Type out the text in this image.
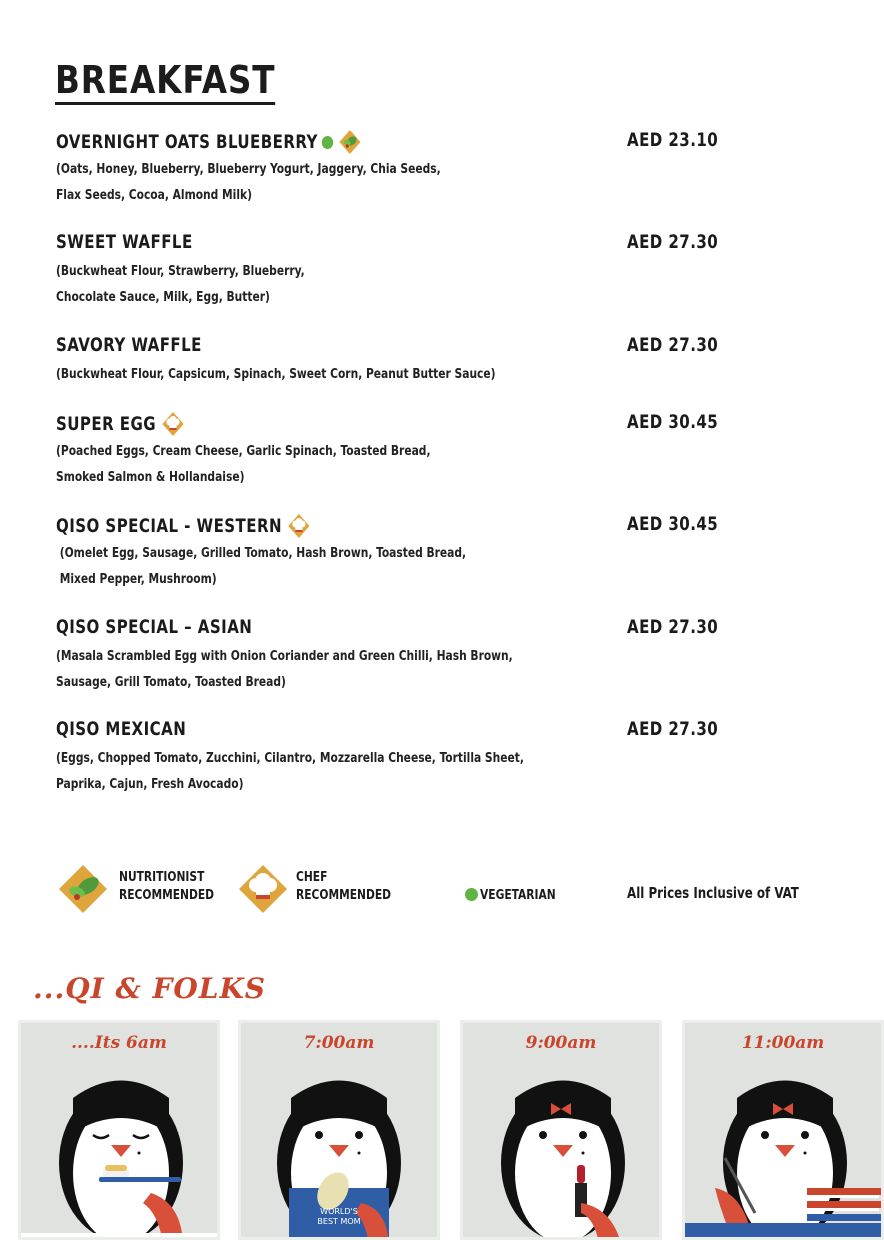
BREAKFAST
OVERNIGHT OATS BLUEBERRY	AED 23.10
(Oats, Honey, Blueberry, Blueberry Yogurt, Jaggery, Chia Seeds,
Flax Seeds, Cocoa, Almond Milk)
SWEET WAFFLE	AED 27.30
(Buckwheat Flour, Strawberry, Blueberry,
Chocolate Sauce, Milk, Egg, Butter)
SAVORY WAFFLE	AED 27.30
(Buckwheat Flour, Capsicum, Spinach, Sweet Corn, Peanut Butter Sauce)
SUPER EGG	AED 30.45
(Poached Eggs, Cream Cheese, Garlic Spinach, Toasted Bread,
Smoked Salmon & Hollandaise)
QISO SPECIAL - WESTERN	AED 30.45
(Omelet Egg, Sausage, Grilled Tomato, Hash Brown, Toasted Bread,
Mixed Pepper, Mushroom)
QISO SPECIAL – ASIAN	AED 27.30
(Masala Scrambled Egg with Onion Coriander and Green Chilli, Hash Brown,
Sausage, Grill Tomato, Toasted Bread)
QISO MEXICAN	AED 27.30
(Eggs, Chopped Tomato, Zucchini, Cilantro, Mozzarella Cheese, Tortilla Sheet,
Paprika, Cajun, Fresh Avocado)
NUTRITIONIST
RECOMMENDED
CHEF
RECOMMENDED	VEGETARIAN	All Prices Inclusive of VAT
...QI & FOLKS
....Its 6am	7:00am
WORLD'S
BEST MOM
9:00am	11:00am
